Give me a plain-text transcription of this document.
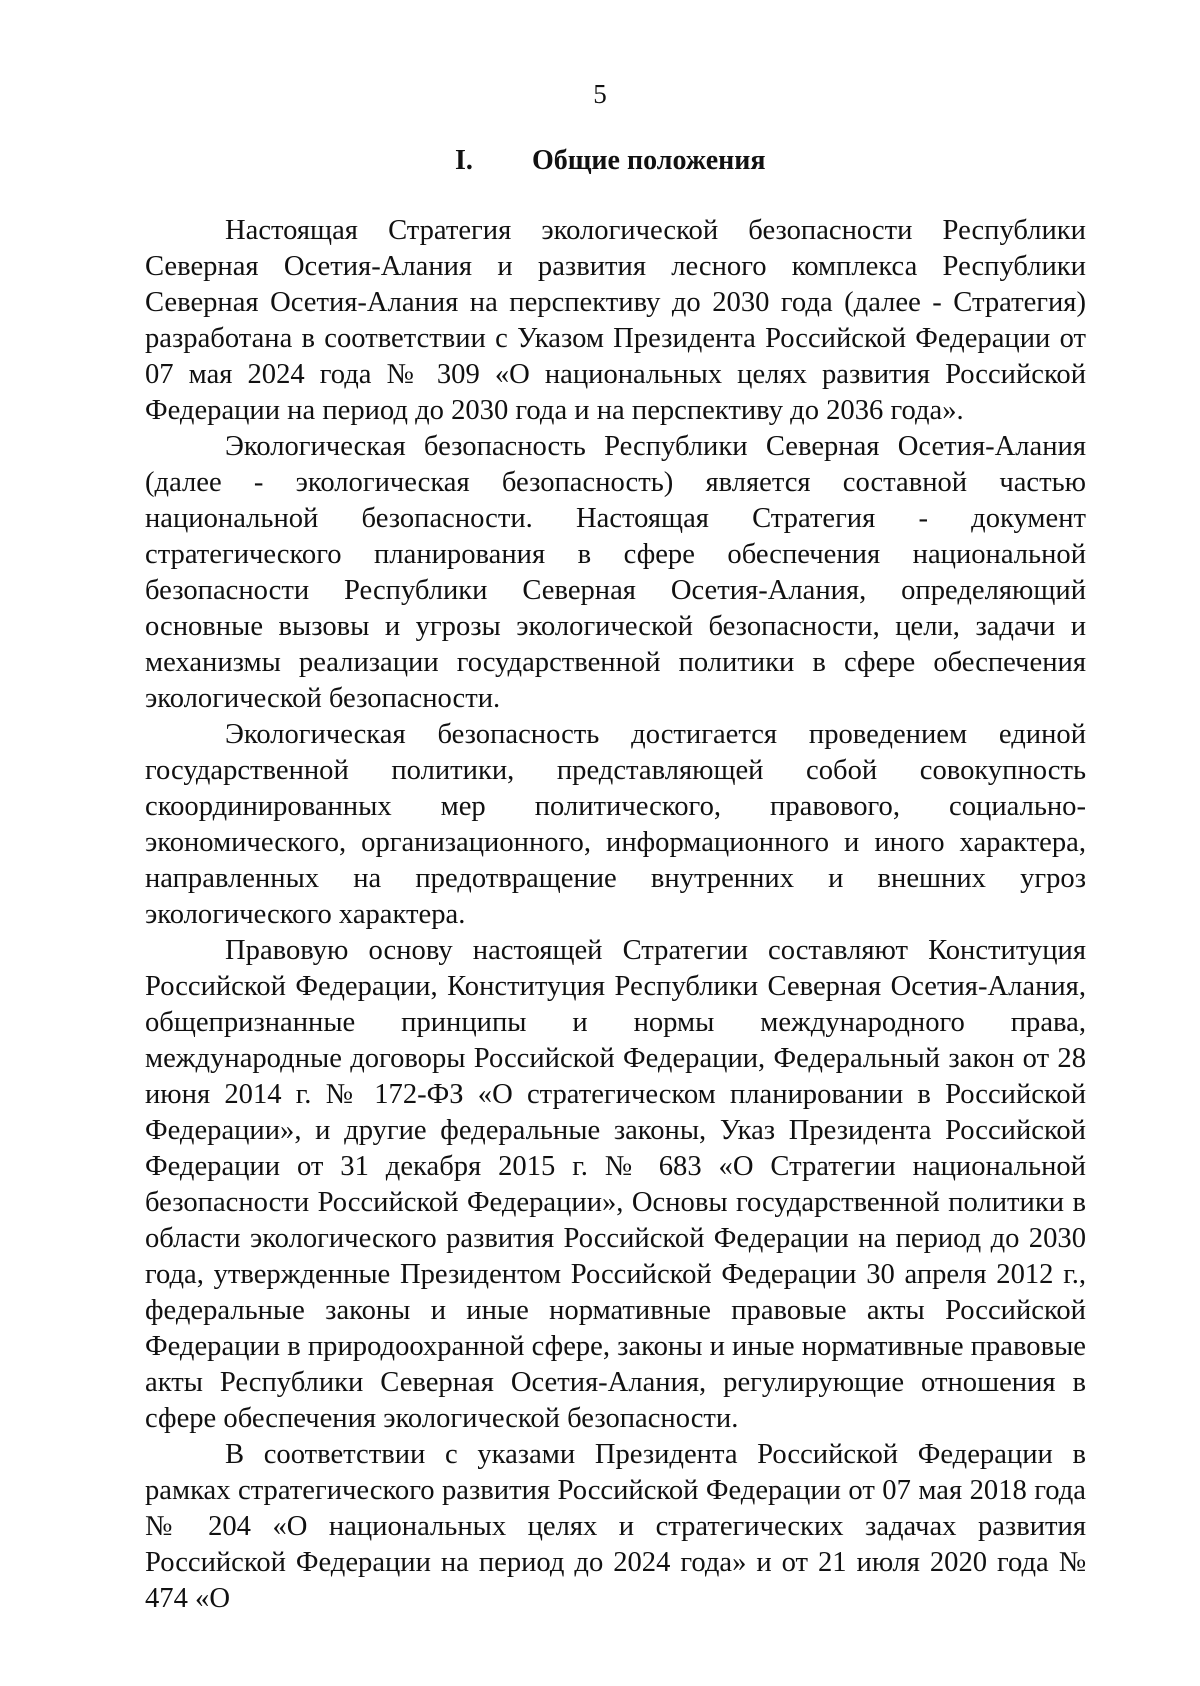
5
I. Общие положения

Настоящая Стратегия экологической безопасности Республики Северная Осетия-Алания и развития лесного комплекса Республики Северная Осетия-Алания на перспективу до 2030 года (далее - Стратегия) разработана в соответствии с Указом Президента Российской Федерации от 07 мая 2024 года № 309 «О национальных целях развития Российской Федерации на период до 2030 года и на перспективу до 2036 года».

Экологическая безопасность Республики Северная Осетия-Алания (далее - экологическая безопасность) является составной частью национальной безопасности. Настоящая Стратегия - документ стратегического планирования в сфере обеспечения национальной безопасности Республики Северная Осетия-Алания, определяющий основные вызовы и угрозы экологической безопасности, цели, задачи и механизмы реализации государственной политики в сфере обеспечения экологической безопасности.

Экологическая безопасность достигается проведением единой государственной политики, представляющей собой совокупность скоординированных мер политического, правового, социально-экономического, организационного, информационного и иного характера, направленных на предотвращение внутренних и внешних угроз экологического характера.

Правовую основу настоящей Стратегии составляют Конституция Российской Федерации, Конституция Республики Северная Осетия-Алания, общепризнанные принципы и нормы международного права, международные договоры Российской Федерации, Федеральный закон от 28 июня 2014 г. № 172-ФЗ «О стратегическом планировании в Российской Федерации», и другие федеральные законы, Указ Президента Российской Федерации от 31 декабря 2015 г. № 683 «О Стратегии национальной безопасности Российской Федерации», Основы государственной политики в области экологического развития Российской Федерации на период до 2030 года, утвержденные Президентом Российской Федерации 30 апреля 2012 г., федеральные законы и иные нормативные правовые акты Российской Федерации в природоохранной сфере, законы и иные нормативные правовые акты Республики Северная Осетия-Алания, регулирующие отношения в сфере обеспечения экологической безопасности.

В соответствии с указами Президента Российской Федерации в рамках стратегического развития Российской Федерации от 07 мая 2018 года № 204 «О национальных целях и стратегических задачах развития Российской Федерации на период до 2024 года» и от 21 июля 2020 года № 474 «О
